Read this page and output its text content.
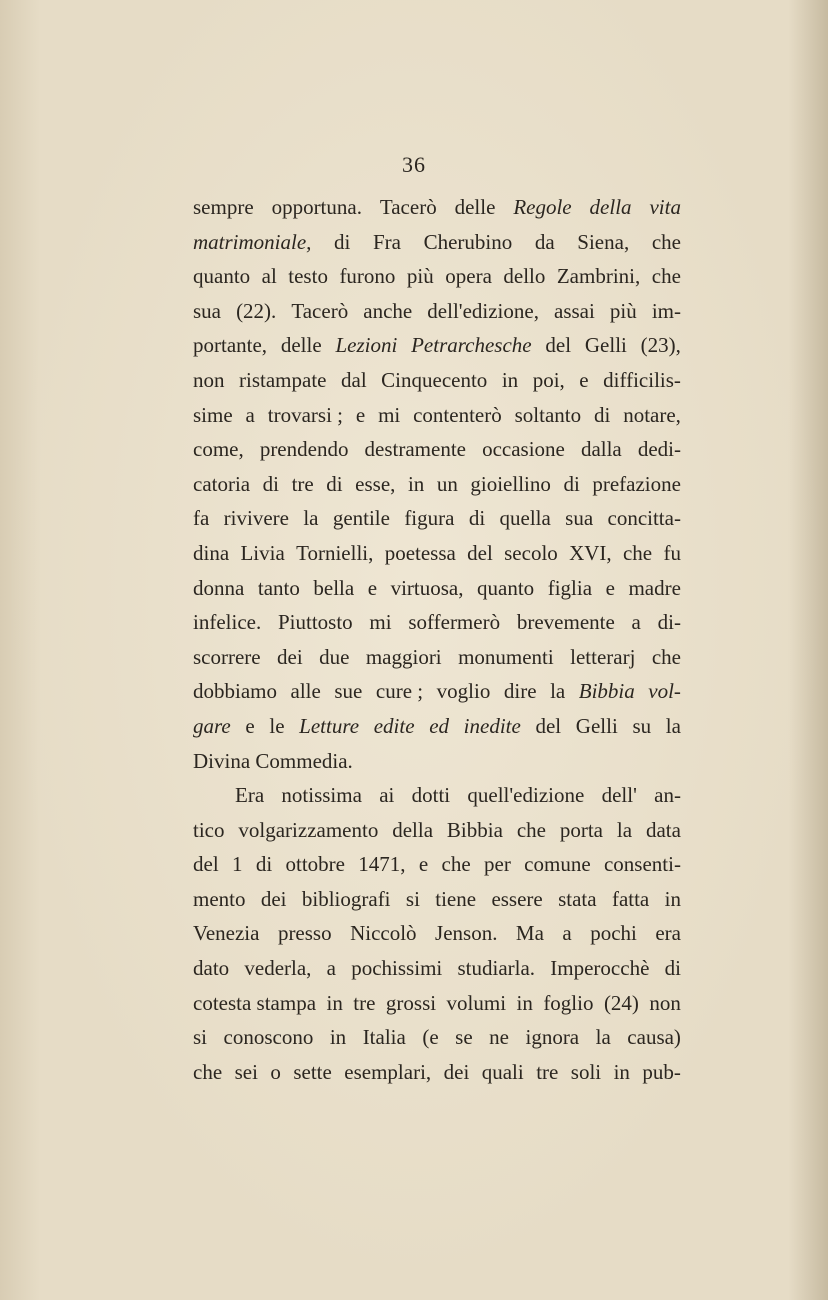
36
sempre opportuna. Tacerò delle Regole della vita
matrimoniale, di Fra Cherubino da Siena, che
quanto al testo furono più opera dello Zambrini, che
sua (22). Tacerò anche dell'edizione, assai più im-
portante, delle Lezioni Petrarchesche del Gelli (23),
non ristampate dal Cinquecento in poi, e difficilis-
sime a trovarsi ; e mi contenterò soltanto di notare,
come, prendendo destramente occasione dalla dedi-
catoria di tre di esse, in un gioiellino di prefazione
fa rivivere la gentile figura di quella sua concitta-
dina Livia Tornielli, poetessa del secolo XVI, che fu
donna tanto bella e virtuosa, quanto figlia e madre
infelice. Piuttosto mi soffermerò brevemente a di-
scorrere dei due maggiori monumenti letterarj che
dobbiamo alle sue cure ; voglio dire la Bibbia vol-
gare e le Letture edite ed inedite del Gelli su la
Divina Commedia.
Era notissima ai dotti quell'edizione dell' an-
tico volgarizzamento della Bibbia che porta la data
del 1 di ottobre 1471, e che per comune consenti-
mento dei bibliografi si tiene essere stata fatta in
Venezia presso Niccolò Jenson. Ma a pochi era
dato vederla, a pochissimi studiarla. Imperocchè di
cotesta stampa in tre grossi volumi in foglio (24) non
si conoscono in Italia (e se ne ignora la causa)
che sei o sette esemplari, dei quali tre soli in pub-
